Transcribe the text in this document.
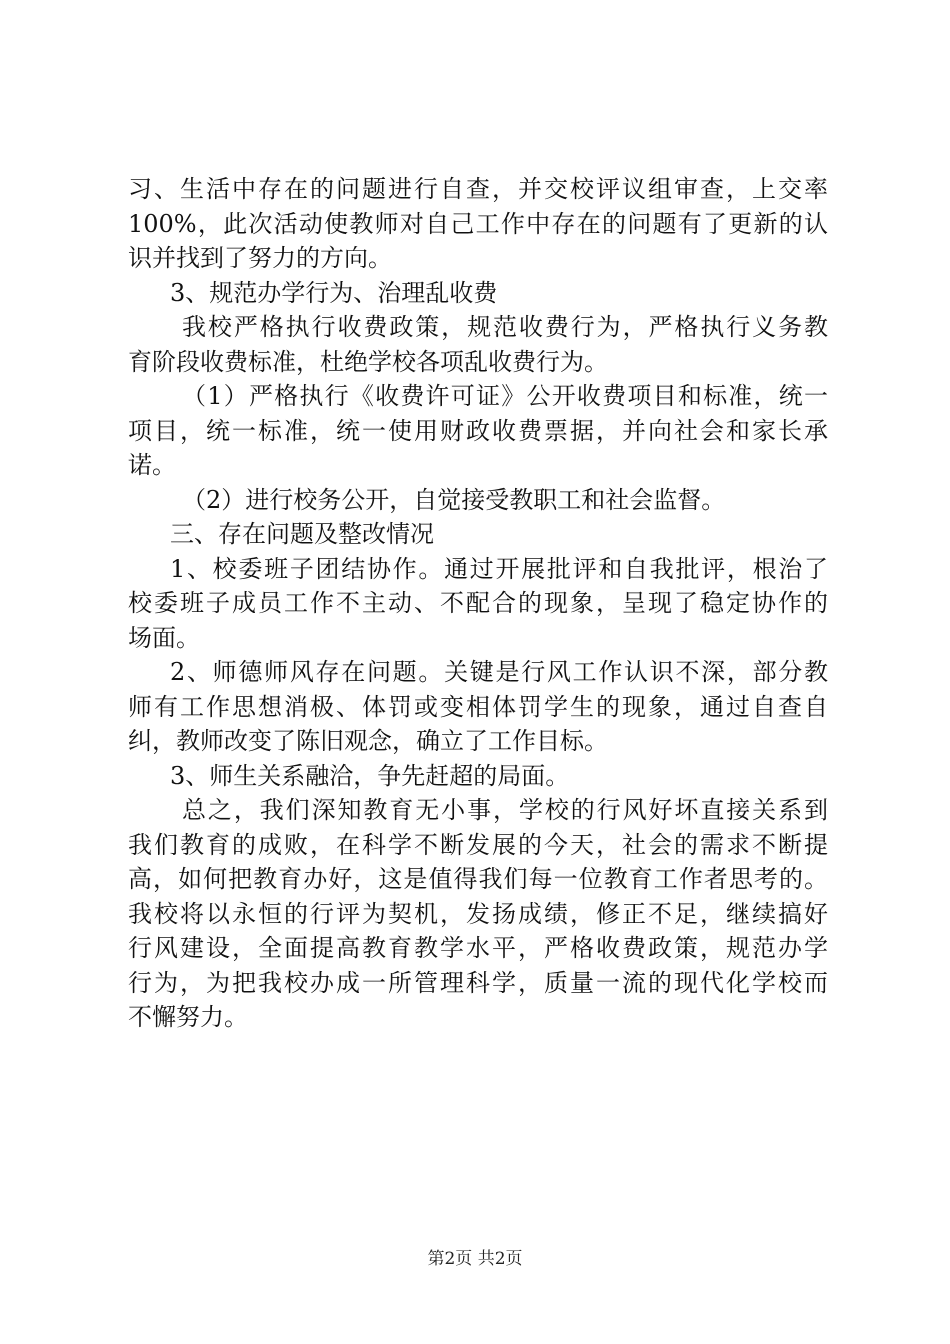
习、生活中存在的问题进行自查，并交校评议组审查，上交率
100%，此次活动使教师对自己工作中存在的问题有了更新的认
识并找到了努力的方向。
3、规范办学行为、治理乱收费
我校严格执行收费政策，规范收费行为，严格执行义务教
育阶段收费标准，杜绝学校各项乱收费行为。
（1）严格执行《收费许可证》公开收费项目和标准，统一
项目，统一标准，统一使用财政收费票据，并向社会和家长承
诺。
（2）进行校务公开，自觉接受教职工和社会监督。
三、存在问题及整改情况
1、校委班子团结协作。通过开展批评和自我批评，根治了
校委班子成员工作不主动、不配合的现象，呈现了稳定协作的
场面。
2、师德师风存在问题。关键是行风工作认识不深，部分教
师有工作思想消极、体罚或变相体罚学生的现象，通过自查自
纠，教师改变了陈旧观念，确立了工作目标。
3、师生关系融洽，争先赶超的局面。
总之，我们深知教育无小事，学校的行风好坏直接关系到
我们教育的成败，在科学不断发展的今天，社会的需求不断提
高，如何把教育办好，这是值得我们每一位教育工作者思考的。
我校将以永恒的行评为契机，发扬成绩，修正不足，继续搞好
行风建设，全面提高教育教学水平，严格收费政策，规范办学
行为，为把我校办成一所管理科学，质量一流的现代化学校而
不懈努力。
第2页 共2页
